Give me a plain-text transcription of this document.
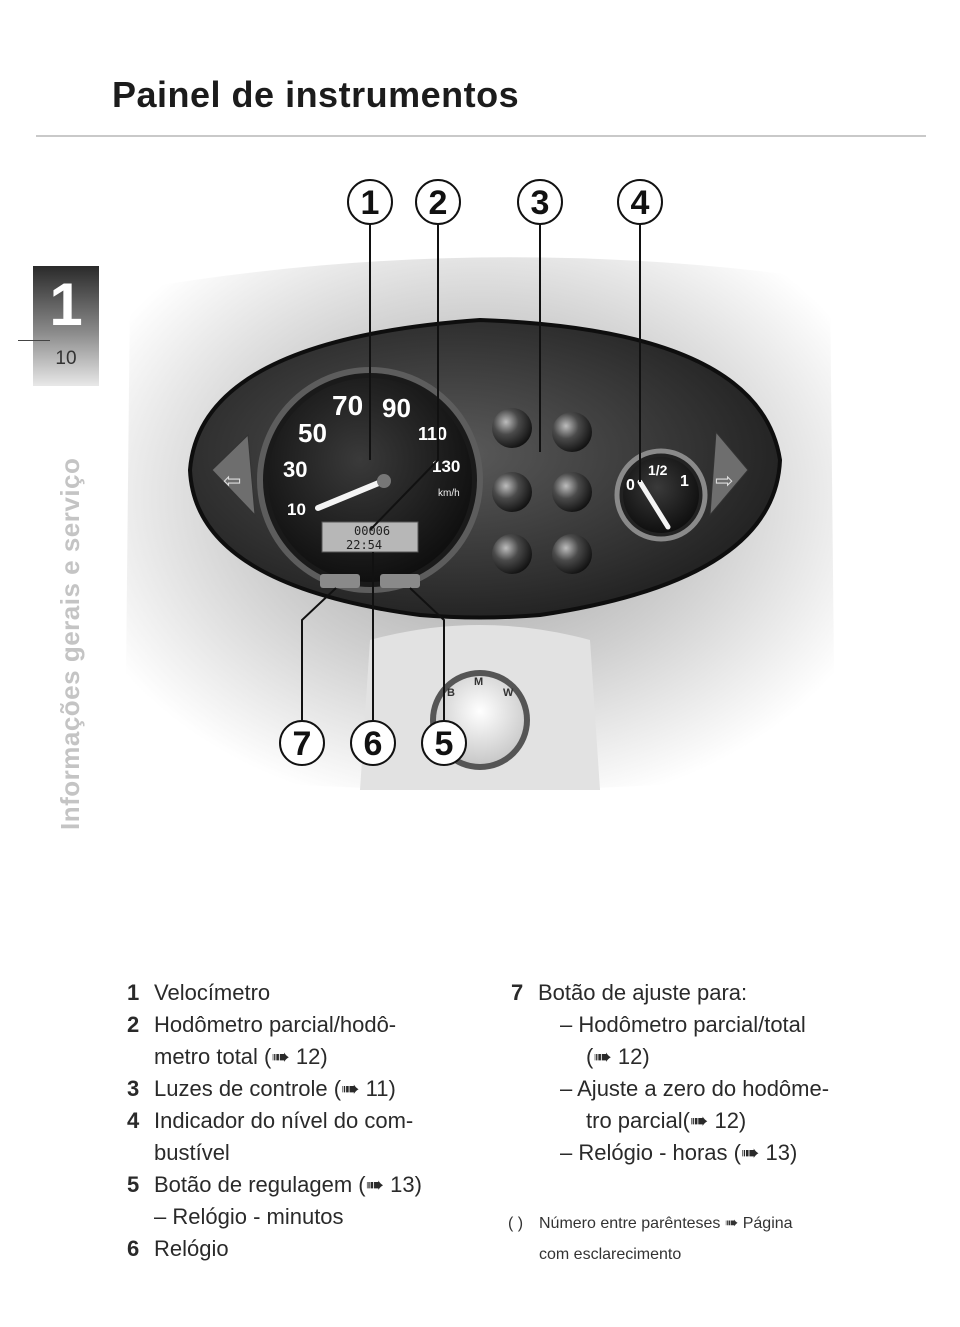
Painel de instrumentos
1
10
Informações gerais e serviço	⇦	⇨
10
30
50
70 90
110
130
km/h
00006
22:54
0
1/2
1
B
M
W
1 2 3 4
7 6 5
1 Velocímetro
2 Hodômetro parcial/hodô-
metro total (➠ 12)
3 Luzes de controle (➠ 11)
4 Indicador do nível do com-
bustível
5 Botão de regulagem (➠ 13)
– Relógio - minutos
6 Relógio
7 Botão de ajuste para:
– Hodômetro parcial/total
(➠ 12)
– Ajuste a zero do hodôme-
tro parcial(➠ 12)
– Relógio - horas (➠ 13)
( ) Número entre parênteses ➠ Página
com esclarecimento
